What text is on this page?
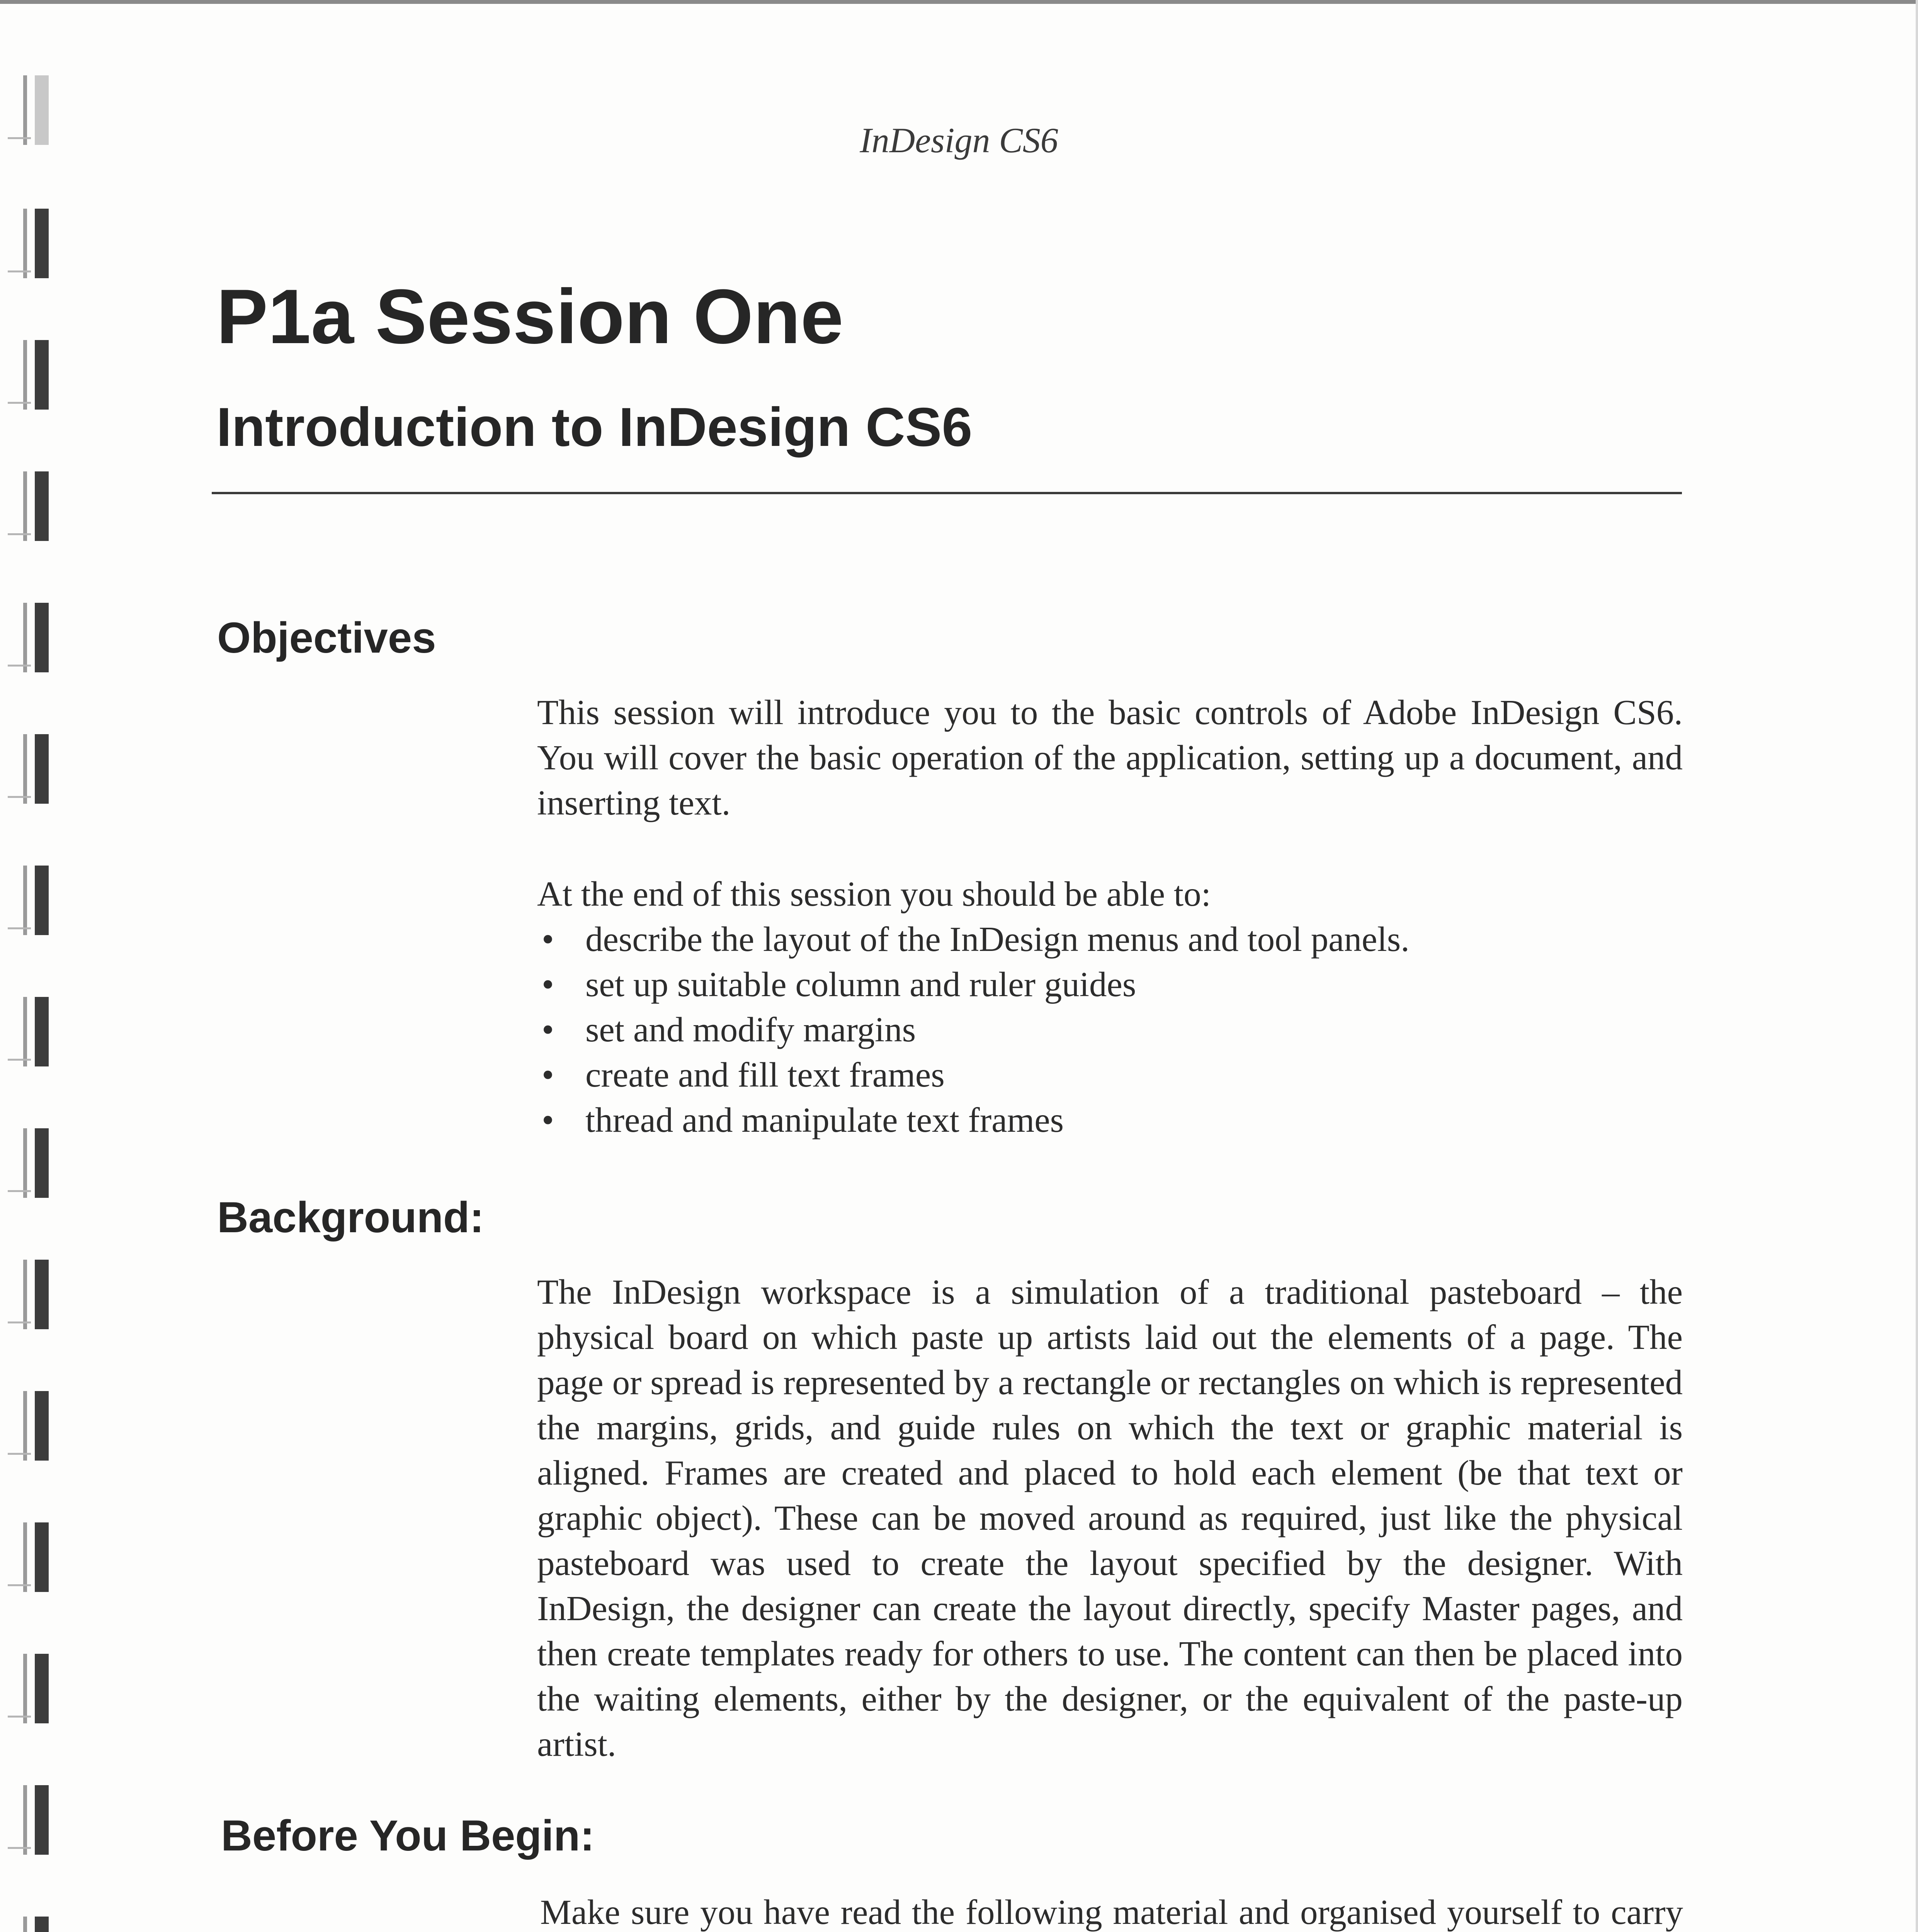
InDesign CS6
P1a Session One
Introduction to InDesign CS6
Objectives

This session will introduce you to the basic controls of Adobe InDesign CS6. You will cover the basic operation of the application, setting up a document, and inserting text.

At the end of this session you should be able to:

• describe the layout of the InDesign menus and tool panels.
• set up suitable column and ruler guides
• set and modify margins
• create and fill text frames
• thread and manipulate text frames
Background:

The InDesign workspace is a simulation of a traditional pasteboard – the physical board on which paste up artists laid out the elements of a page. The page or spread is represented by a rectangle or rectangles on which is represented the margins, grids, and guide rules on which the text or graphic material is aligned. Frames are created and placed to hold each element (be that text or graphic object). These can be moved around as required, just like the physical pasteboard was used to create the layout specified by the designer. With InDesign, the designer can create the layout directly, specify Master pages, and then create templates ready for others to use. The content can then be placed into the waiting elements, either by the designer, or the equivalent of the paste-up artist.

Before You Begin:

Make sure you have read the following material and organised yourself to carry
